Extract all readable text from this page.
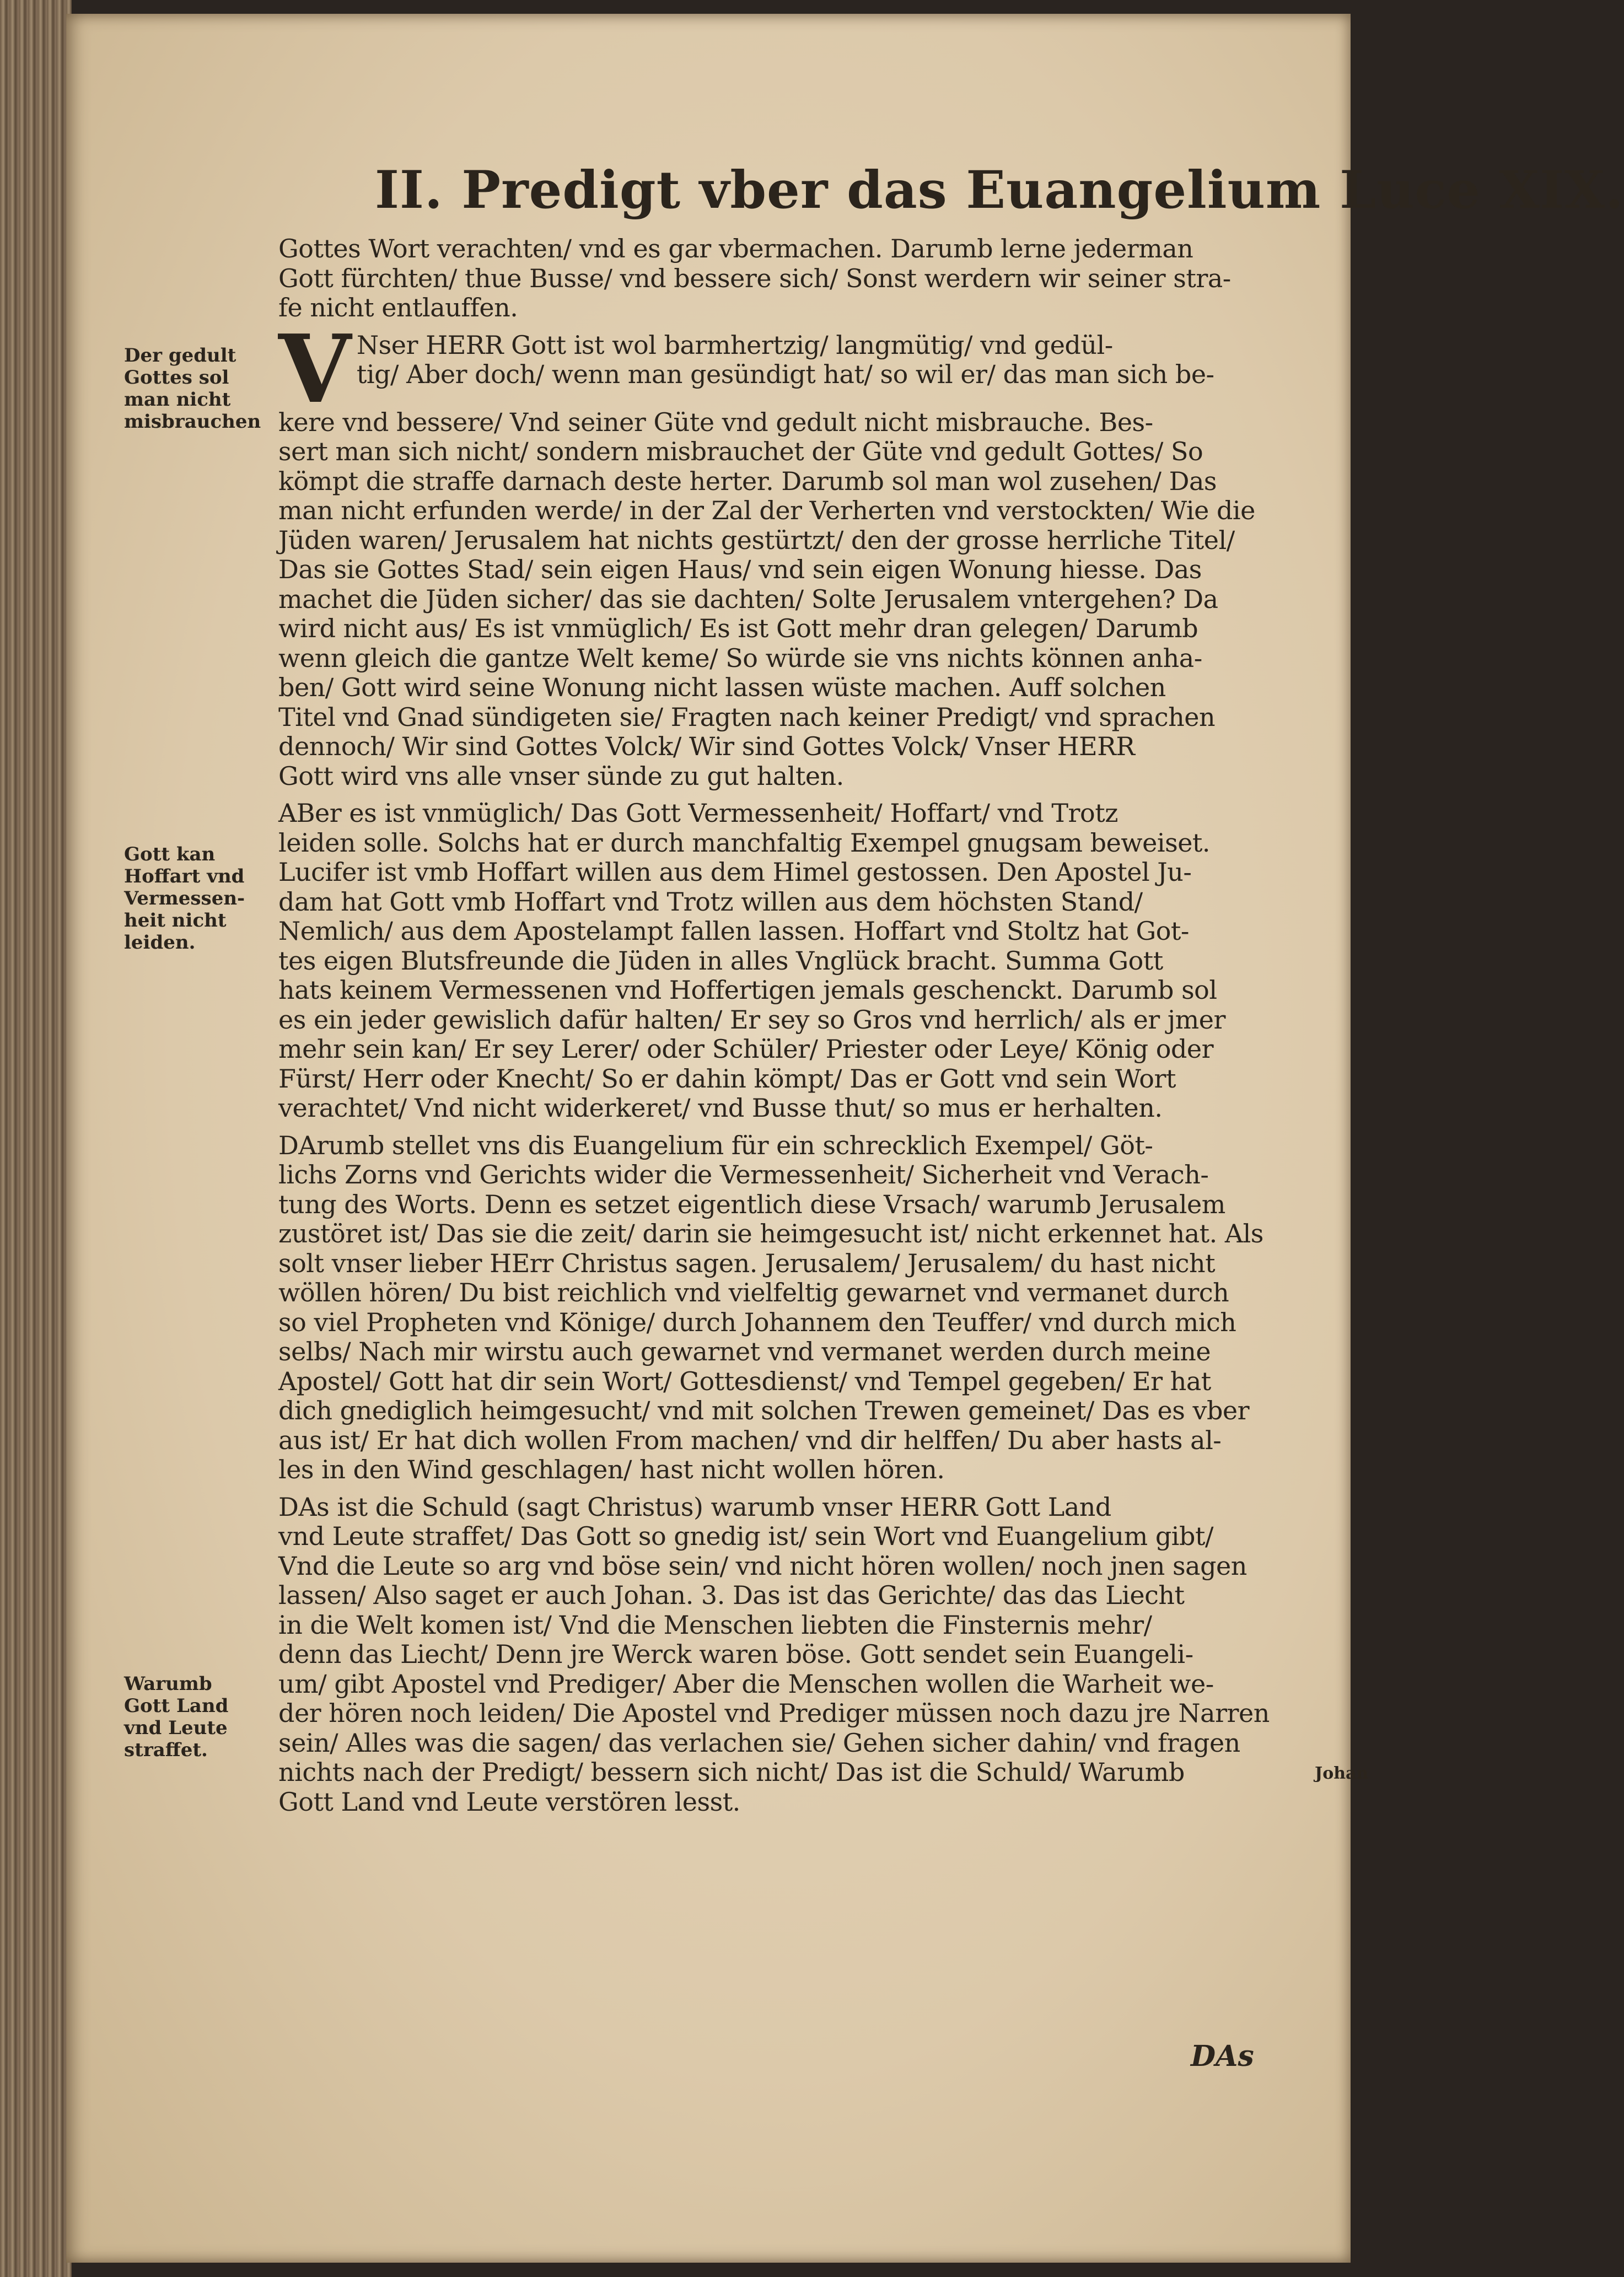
II. Predigt vber das Euangelium Luce XIX.
Der gedult
Gottes sol
man nicht
misbrauchen
Gott kan
Hoffart vnd
Vermessen-
heit nicht
leiden.
Warumb
Gott Land
vnd Leute
straffet.
Johan
Gottes Wort verachten/ vnd es gar vbermachen. Darumb lerne jederman
Gott fürchten/ thue Busse/ vnd bessere sich/ Sonst werdern wir seiner stra-
fe nicht entlauffen.
V Nser HERR Gott ist wol barmhertzig/ langmütig/ vnd gedül-
tig/ Aber doch/ wenn man gesündigt hat/ so wil er/ das man sich be-
kere vnd bessere/ Vnd seiner Güte vnd gedult nicht misbrauche. Bes-
sert man sich nicht/ sondern misbrauchet der Güte vnd gedult Gottes/ So
kömpt die straffe darnach deste herter. Darumb sol man wol zusehen/ Das
man nicht erfunden werde/ in der Zal der Verherten vnd verstockten/ Wie die
Jüden waren/ Jerusalem hat nichts gestürtzt/ den der grosse herrliche Titel/
Das sie Gottes Stad/ sein eigen Haus/ vnd sein eigen Wonung hiesse. Das
machet die Jüden sicher/ das sie dachten/ Solte Jerusalem vntergehen? Da
wird nicht aus/ Es ist vnmüglich/ Es ist Gott mehr dran gelegen/ Darumb
wenn gleich die gantze Welt keme/ So würde sie vns nichts können anha-
ben/ Gott wird seine Wonung nicht lassen wüste machen. Auff solchen
Titel vnd Gnad sündigeten sie/ Fragten nach keiner Predigt/ vnd sprachen
dennoch/ Wir sind Gottes Volck/ Wir sind Gottes Volck/ Vnser HERR
Gott wird vns alle vnser sünde zu gut halten.
ABer es ist vnmüglich/ Das Gott Vermessenheit/ Hoffart/ vnd Trotz
leiden solle. Solchs hat er durch manchfaltig Exempel gnugsam beweiset.
Lucifer ist vmb Hoffart willen aus dem Himel gestossen. Den Apostel Ju-
dam hat Gott vmb Hoffart vnd Trotz willen aus dem höchsten Stand/
Nemlich/ aus dem Apostelampt fallen lassen. Hoffart vnd Stoltz hat Got-
tes eigen Blutsfreunde die Jüden in alles Vnglück bracht. Summa Gott
hats keinem Vermessenen vnd Hoffertigen jemals geschenckt. Darumb sol
es ein jeder gewislich dafür halten/ Er sey so Gros vnd herrlich/ als er jmer
mehr sein kan/ Er sey Lerer/ oder Schüler/ Priester oder Leye/ König oder
Fürst/ Herr oder Knecht/ So er dahin kömpt/ Das er Gott vnd sein Wort
verachtet/ Vnd nicht widerkeret/ vnd Busse thut/ so mus er herhalten.
DArumb stellet vns dis Euangelium für ein schrecklich Exempel/ Göt-
lichs Zorns vnd Gerichts wider die Vermessenheit/ Sicherheit vnd Verach-
tung des Worts. Denn es setzet eigentlich diese Vrsach/ warumb Jerusalem
zustöret ist/ Das sie die zeit/ darin sie heimgesucht ist/ nicht erkennet hat. Als
solt vnser lieber HErr Christus sagen. Jerusalem/ Jerusalem/ du hast nicht
wöllen hören/ Du bist reichlich vnd vielfeltig gewarnet vnd vermanet durch
so viel Propheten vnd Könige/ durch Johannem den Teuffer/ vnd durch mich
selbs/ Nach mir wirstu auch gewarnet vnd vermanet werden durch meine
Apostel/ Gott hat dir sein Wort/ Gottesdienst/ vnd Tempel gegeben/ Er hat
dich gnediglich heimgesucht/ vnd mit solchen Trewen gemeinet/ Das es vber
aus ist/ Er hat dich wollen From machen/ vnd dir helffen/ Du aber hasts al-
les in den Wind geschlagen/ hast nicht wollen hören.
DAs ist die Schuld (sagt Christus) warumb vnser HERR Gott Land
vnd Leute straffet/ Das Gott so gnedig ist/ sein Wort vnd Euangelium gibt/
Vnd die Leute so arg vnd böse sein/ vnd nicht hören wollen/ noch jnen sagen
lassen/ Also saget er auch Johan. 3. Das ist das Gerichte/ das das Liecht
in die Welt komen ist/ Vnd die Menschen liebten die Finsternis mehr/
denn das Liecht/ Denn jre Werck waren böse. Gott sendet sein Euangeli-
um/ gibt Apostel vnd Prediger/ Aber die Menschen wollen die Warheit we-
der hören noch leiden/ Die Apostel vnd Prediger müssen noch dazu jre Narren
sein/ Alles was die sagen/ das verlachen sie/ Gehen sicher dahin/ vnd fragen
nichts nach der Predigt/ bessern sich nicht/ Das ist die Schuld/ Warumb
Gott Land vnd Leute verstören lesst.
DAs
